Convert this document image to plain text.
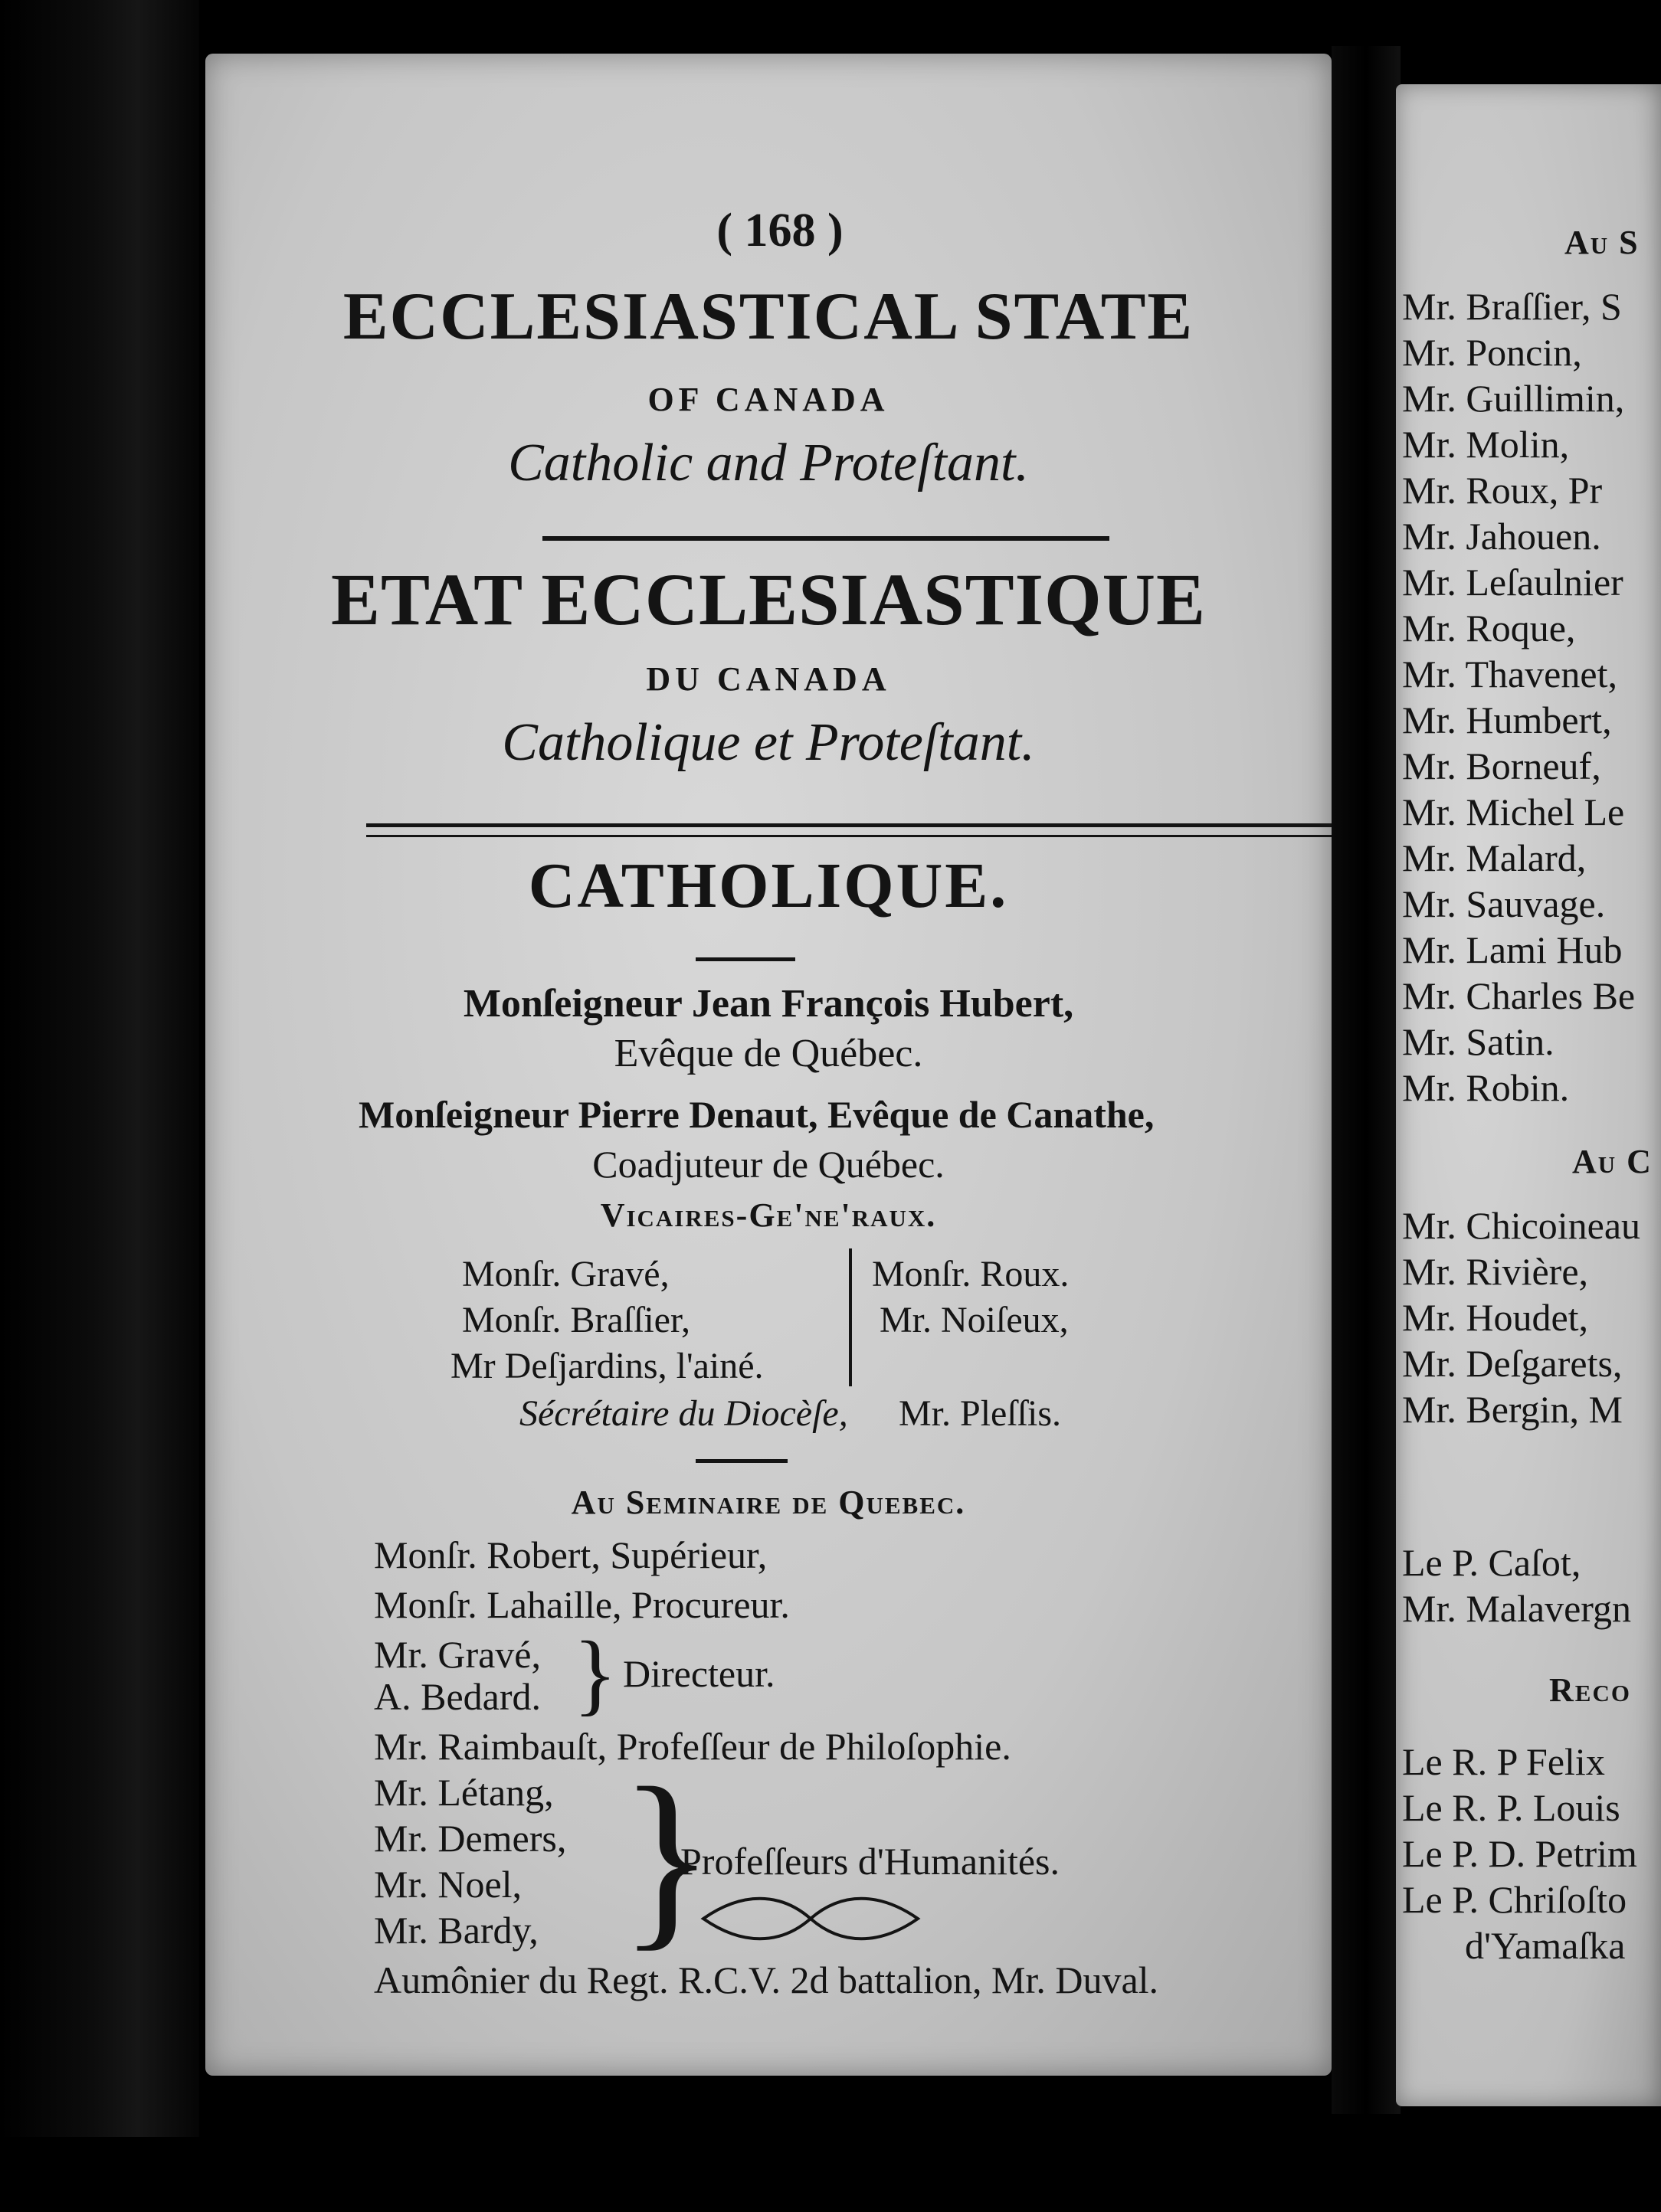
( 168 )
ECCLESIASTICAL STATE
OF CANADA
Catholic and Proteſtant.
ETAT ECCLESIASTIQUE
DU CANADA
Catholique et Proteſtant.
CATHOLIQUE.
Monſeigneur Jean François Hubert,
Evêque de Québec.
Monſeigneur Pierre Denaut, Evêque de Canathe,
Coadjuteur de Québec.
Vicaires-Ge'ne'raux.
Monſr. Gravé,
Monſr. Braſſier,
Mr Deſjardins, l'ainé.
Monſr. Roux.
Mr. Noiſeux,
Sécrétaire du Diocèſe, Mr. Pleſſis.
Au Seminaire de Quebec.
Monſr. Robert, Supérieur,
Monſr. Lahaille, Procureur.
Mr. Gravé,
A. Bedard. } Directeur.
Mr. Raimbauſt, Profeſſeur de Philoſophie.
Mr. Létang,
Mr. Demers,
Mr. Noel,
Mr. Bardy, }
Profeſſeurs d'Humanités.
Aumônier du Regt. R.C.V. 2d battalion, Mr. Duval.
Au S
Mr. Braſſier, S
Mr. Poncin,
Mr. Guillimin,
Mr. Molin,
Mr. Roux, Pr
Mr. Jahouen.
Mr. Leſaulnier
Mr. Roque,
Mr. Thavenet,
Mr. Humbert,
Mr. Borneuf,
Mr. Michel Le
Mr. Malard,
Mr. Sauvage.
Mr. Lami Hub
Mr. Charles Be
Mr. Satin.
Mr. Robin.
Au C
Mr. Chicoineau
Mr. Rivière,
Mr. Houdet,
Mr. Deſgarets,
Mr. Bergin, M
Le P. Caſot,
Mr. Malavergn
Reco
Le R. P Felix
Le R. P. Louis
Le P. D. Petrim
Le P. Chriſoſto
d'Yamaſka
